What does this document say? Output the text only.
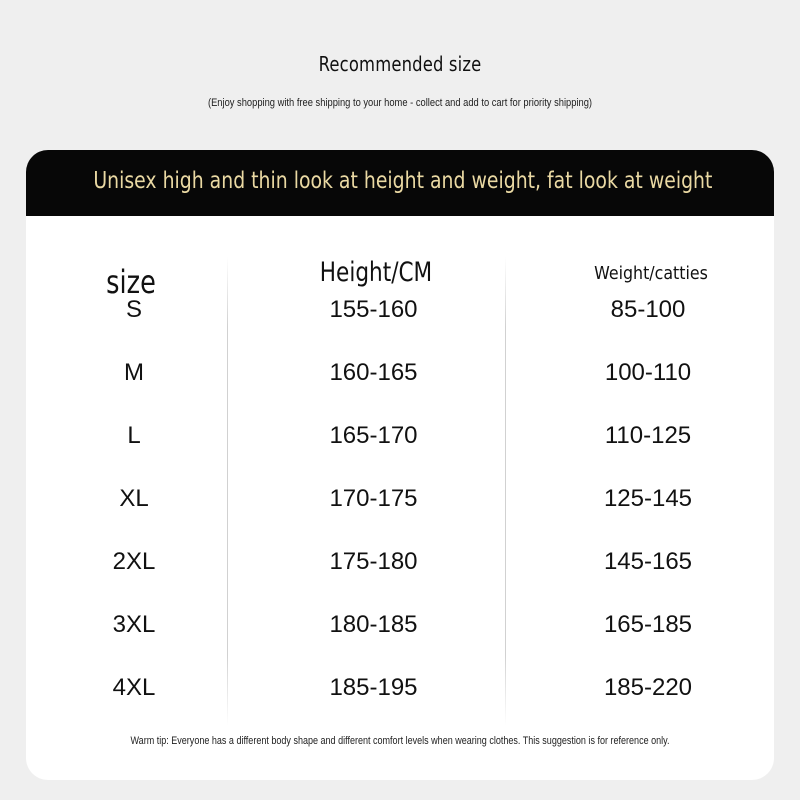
Recommended size
(Enjoy shopping with free shipping to your home - collect and add to cart for priority shipping)
Unisex high and thin look at height and weight, fat look at weight
size	Height/CM	Weight/catties
S	155-160	85-100
M	160-165	100-110
L	165-170	110-125
XL	170-175	125-145
2XL	175-180	145-165
3XL	180-185	165-185
4XL	185-195	185-220
Warm tip: Everyone has a different body shape and different comfort levels when wearing clothes. This suggestion is for reference only.
